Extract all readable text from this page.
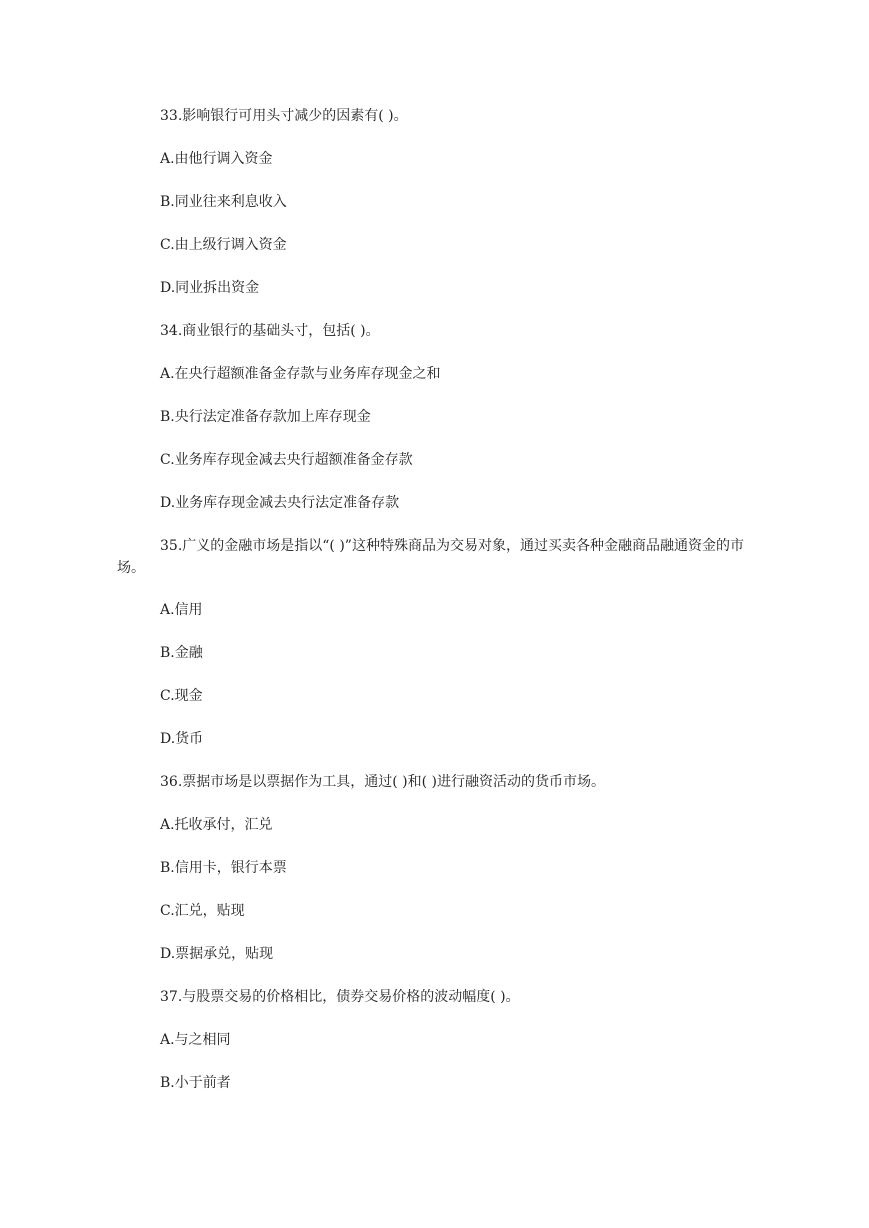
33.影响银行可用头寸减少的因素有( )。

A.由他行调入资金

B.同业往来利息收入

C.由上级行调入资金

D.同业拆出资金

34.商业银行的基础头寸，包括( )。

A.在央行超额准备金存款与业务库存现金之和

B.央行法定准备存款加上库存现金

C.业务库存现金减去央行超额准备金存款

D.业务库存现金减去央行法定准备存款

35.广义的金融市场是指以“( )”这种特殊商品为交易对象，通过买卖各种金融商品融通资金的市场。

A.信用

B.金融

C.现金

D.货币

36.票据市场是以票据作为工具，通过( )和( )进行融资活动的货币市场。

A.托收承付，汇兑

B.信用卡，银行本票

C.汇兑，贴现

D.票据承兑，贴现

37.与股票交易的价格相比，债券交易价格的波动幅度( )。

A.与之相同

B.小于前者
